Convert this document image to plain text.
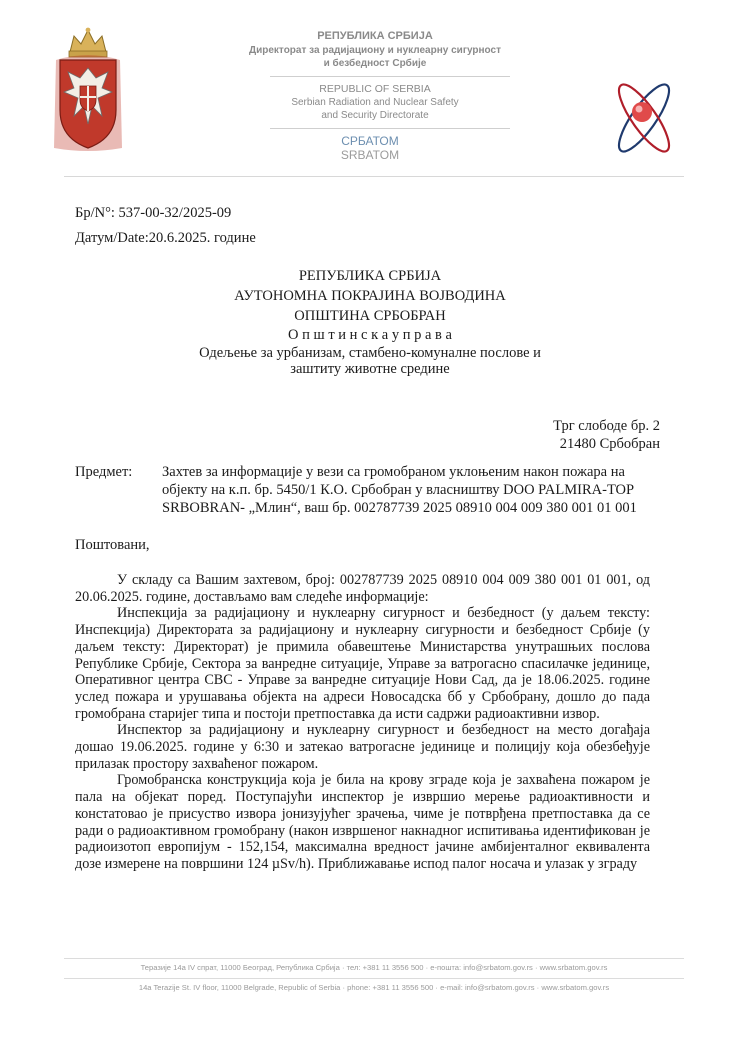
РЕПУБЛИКА СРБИЈА
Директорат за радијациону и нуклеарну сигурност
и безбедност Србије
REPUBLIC OF SERBIA
Serbian Radiation and Nuclear Safety
and Security Directorate
СРБАТОМ
SRBATOM
Бр/N°: 537-00-32/2025-09
Датум/Date:20.6.2025. године
РЕПУБЛИКА СРБИЈА
АУТОНОМНА ПОКРАЈИНА ВОЈВОДИНА
ОПШТИНА СРБОБРАН
О п ш т и н с к а у п р а в а
Одељење за урбанизам, стамбено-комуналне послове и
заштиту животне средине
Трг слободе бр. 2
21480 Србобран
Предмет:	Захтев за информације у вези са громобраном уклоњеним након пожара на
објекту на к.п. бр. 5450/1 К.О. Србобран у власништву DOO PALMIRA-TOP
SRBOBRAN- „Млин“, ваш бр. 002787739 2025 08910 004 009 380 001 01 001
Поштовани,

У складу са Вашим захтевом, број: 002787739 2025 08910 004 009 380 001 01 001, од 20.06.2025. године, достављамо вам следеће информације:

Инспекција за радијациону и нуклеарну сигурност и безбедност (у даљем тексту: Инспекција) Директората за радијациону и нуклеарну сигурности и безбедност Србије (у даљем тексту: Директорат) је примила обавештење Министарства унутрашњих послова Републике Србије, Сектора за ванредне ситуације, Управе за ватрогасно спасилачке јединице, Оперативног центра СВС - Управе за ванредне ситуације Нови Сад, да је 18.06.2025. године услед пожара и урушавања објекта на адреси Новосадска бб у Србобрану, дошло до пада громобрана старијег типа и постоји претпоставка да исти садржи радиоактивни извор.

Инспектор за радијациону и нуклеарну сигурност и безбедност на место догађаја дошао 19.06.2025. године у 6:30 и затекао ватрогасне јединице и полицију која обезбеђује прилазак простору захваћеног пожаром.

Громобранска конструкција која је била на крову зграде која је захваћена пожаром је пала на објекат поред. Поступајући инспектор је извршио мерење радиоактивности и констатовао је присуство извора јонизујућег зрачења, чиме је потврђена претпоставка да се ради о радиоактивном громобрану (након извршеног накнадног испитивања идентификован је радиоизотоп европијум - 152,154, максимална вредност јачине амбијенталног еквивалента дозе измерене на површини 124 µSv/h). Приближавање испод палог носача и улазак у зграду

Теразије 14а IV спрат, 11000 Београд, Република Србија · тел: +381 11 3556 500 · е-пошта: info@srbatom.gov.rs · www.srbatom.gov.rs
14a Terazije St. IV floor, 11000 Belgrade, Republic of Serbia · phone: +381 11 3556 500 · e-mail: info@srbatom.gov.rs · www.srbatom.gov.rs
